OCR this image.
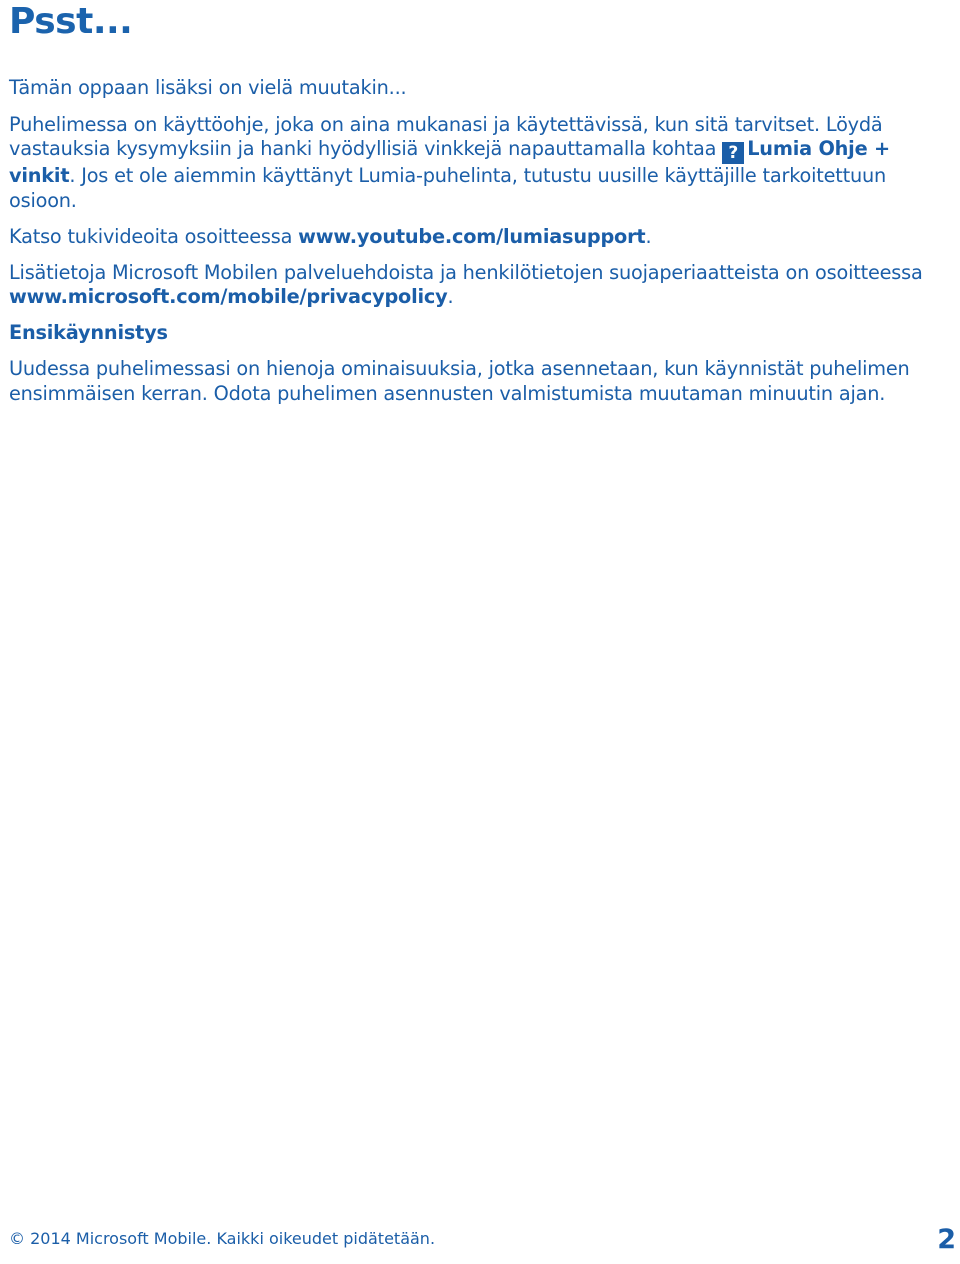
Psst...

Tämän oppaan lisäksi on vielä muutakin...

Puhelimessa on käyttöohje, joka on aina mukanasi ja käytettävissä, kun sitä tarvitset. Löydä vastauksia kysymyksiin ja hanki hyödyllisiä vinkkejä napauttamalla kohtaa ? Lumia Ohje + vinkit. Jos et ole aiemmin käyttänyt Lumia-puhelinta, tutustu uusille käyttäjille tarkoitettuun osioon.

Katso tukivideoita osoitteessa www.youtube.com/lumiasupport.

Lisätietoja Microsoft Mobilen palveluehdoista ja henkilötietojen suojaperiaatteista on osoitteessa www.microsoft.com/mobile/privacypolicy.

Ensikäynnistys

Uudessa puhelimessasi on hienoja ominaisuuksia, jotka asennetaan, kun käynnistät puhelimen ensimmäisen kerran. Odota puhelimen asennusten valmistumista muutaman minuutin ajan.

© 2014 Microsoft Mobile. Kaikki oikeudet pidätetään.	2
